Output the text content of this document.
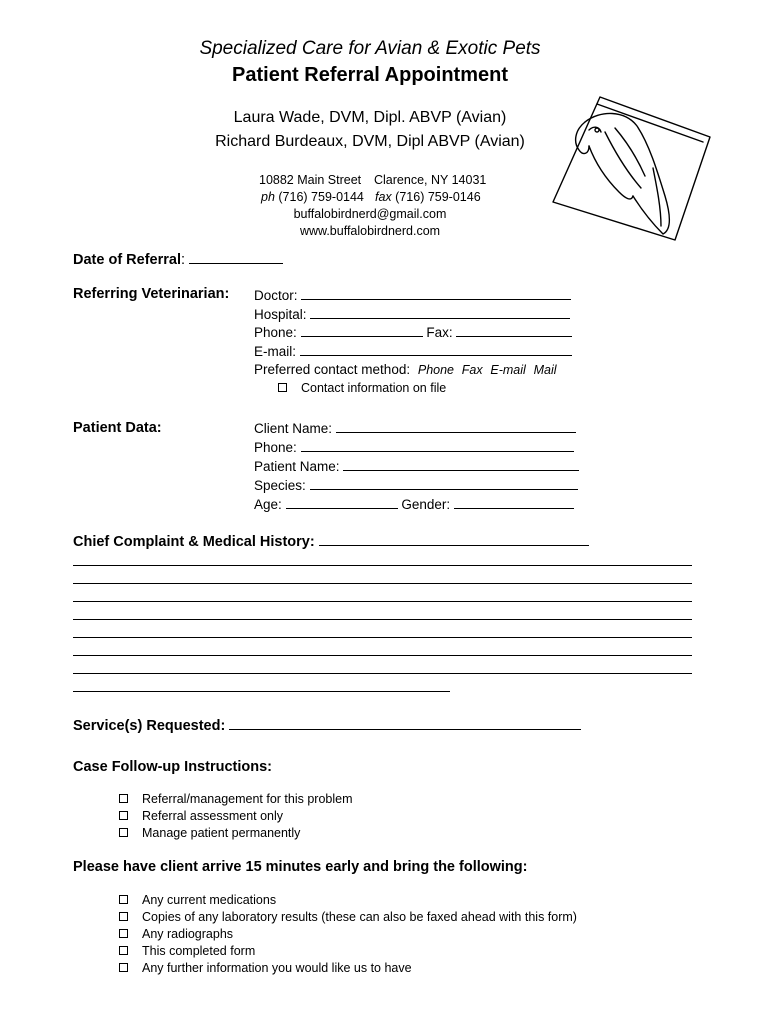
Specialized Care for Avian & Exotic Pets
Patient Referral Appointment
Laura Wade, DVM, Dipl. ABVP (Avian)
Richard Burdeaux, DVM, Dipl ABVP (Avian)
10882 Main Street Clarence, NY 14031
ph (716) 759-0144 fax (716) 759-0146
buffalobirdnerd@gmail.com
www.buffalobirdnerd.com
Date of Referral:
Referring Veterinarian: Doctor:
Hospital:
Phone:	Fax:
E-mail:
Preferred contact method: Phone Fax E-mail Mail
Contact information on file
Patient Data:	Client Name:
Phone:
Patient Name:
Species:
Age:	Gender:
Chief Complaint & Medical History:
Service(s) Requested:
Case Follow-up Instructions:
Referral/management for this problem
Referral assessment only
Manage patient permanently
Please have client arrive 15 minutes early and bring the following:
Any current medications
Copies of any laboratory results (these can also be faxed ahead with this form)
Any radiographs
This completed form
Any further information you would like us to have
